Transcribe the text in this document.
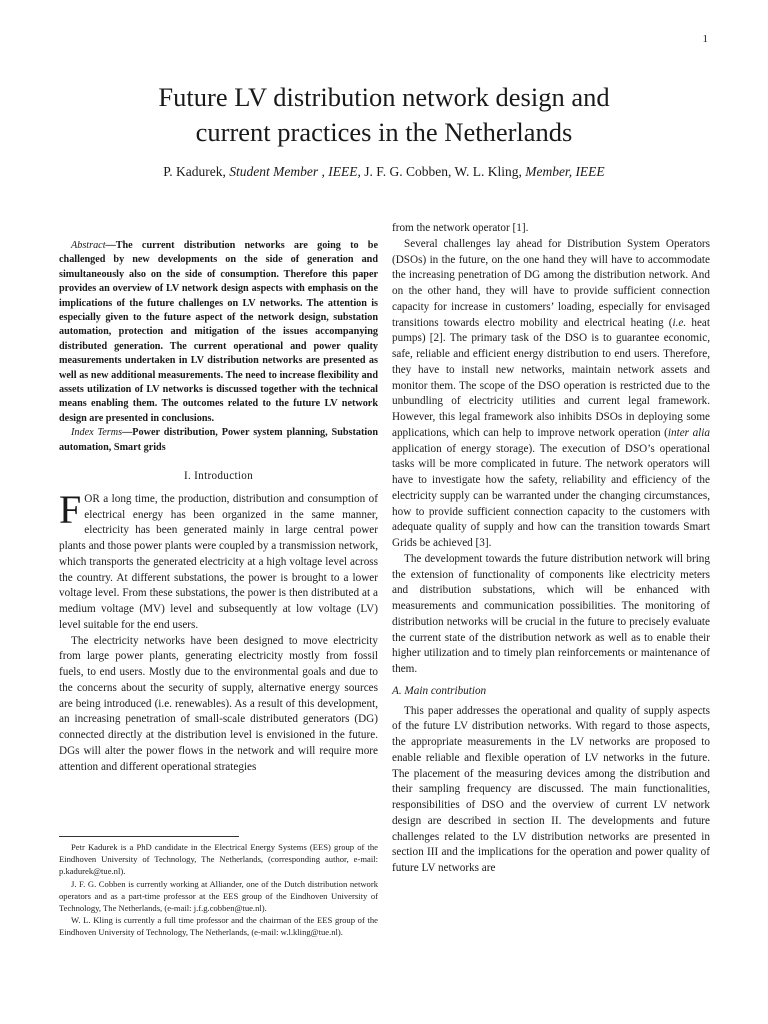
1
Future LV distribution network design and
current practices in the Netherlands
P. Kadurek, Student Member , IEEE, J. F. G. Cobben, W. L. Kling, Member, IEEE

Abstract—The current distribution networks are going to be challenged by new developments on the side of generation and simultaneously also on the side of consumption. Therefore this paper provides an overview of LV network design aspects with emphasis on the implications of the future challenges on LV networks. The attention is especially given to the future aspect of the network design, substation automation, protection and mitigation of the issues accompanying distributed generation. The current operational and power quality measurements undertaken in LV distribution networks are presented as well as new additional measurements. The need to increase flexibility and assets utilization of LV networks is discussed together with the technical means enabling them. The outcomes related to the future LV network design are presented in conclusions.

Index Terms—Power distribution, Power system planning, Substation automation, Smart grids

I. Introduction

FOR a long time, the production, distribution and consumption of electrical energy has been organized in the same manner, electricity has been generated mainly in large central power plants and those power plants were coupled by a transmission network, which transports the generated electricity at a high voltage level across the country. At different substations, the power is brought to a lower voltage level. From these substations, the power is then distributed at a medium voltage (MV) level and subsequently at low voltage (LV) level suitable for the end users.

The electricity networks have been designed to move electricity from large power plants, generating electricity mostly from fossil fuels, to end users. Mostly due to the environmental goals and due to the concerns about the security of supply, alternative energy sources are being introduced (i.e. renewables). As a result of this development, an increasing penetration of small-scale distributed generators (DG) connected directly at the distribution level is envisioned in the future. DGs will alter the power flows in the network and will require more attention and different operational strategies

from the network operator [1].

Several challenges lay ahead for Distribution System Operators (DSOs) in the future, on the one hand they will have to accommodate the increasing penetration of DG among the distribution network. And on the other hand, they will have to provide sufficient connection capacity for increase in customers’ loading, especially for envisaged transitions towards electro mobility and electrical heating (i.e. heat pumps) [2]. The primary task of the DSO is to guarantee economic, safe, reliable and efficient energy distribution to end users. Therefore, they have to install new networks, maintain network assets and monitor them. The scope of the DSO operation is restricted due to the unbundling of electricity utilities and current legal framework. However, this legal framework also inhibits DSOs in deploying some applications, which can help to improve network operation (inter alia application of energy storage). The execution of DSO’s operational tasks will be more complicated in future. The network operators will have to investigate how the safety, reliability and efficiency of the electricity supply can be warranted under the changing circumstances, how to provide sufficient connection capacity to the customers with adequate quality of supply and how can the transition towards Smart Grids be achieved [3].

The development towards the future distribution network will bring the extension of functionality of components like electricity meters and distribution substations, which will be enhanced with measurements and communication possibilities. The monitoring of distribution networks will be crucial in the future to precisely evaluate the current state of the distribution network as well as to enable their higher utilization and to timely plan reinforcements or maintenance of them.

A. Main contribution

This paper addresses the operational and quality of supply aspects of the future LV distribution networks. With regard to those aspects, the appropriate measurements in the LV networks are proposed to enable reliable and flexible operation of LV networks in the future. The placement of the measuring devices among the distribution and their sampling frequency are discussed. The main functionalities, responsibilities of DSO and the overview of current LV network design are described in section II. The developments and future challenges related to the LV distribution networks are presented in section III and the implications for the operation and power quality of future LV networks are

Petr Kadurek is a PhD candidate in the Electrical Energy Systems (EES) group of the Eindhoven University of Technology, The Netherlands, (corresponding author, e-mail: p.kadurek@tue.nl).

J. F. G. Cobben is currently working at Alliander, one of the Dutch distribution network operators and as a part-time professor at the EES group of the Eindhoven University of Technology, The Netherlands, (e-mail: j.f.g.cobben@tue.nl).

W. L. Kling is currently a full time professor and the chairman of the EES group of the Eindhoven University of Technology, The Netherlands, (e-mail: w.l.kling@tue.nl).
